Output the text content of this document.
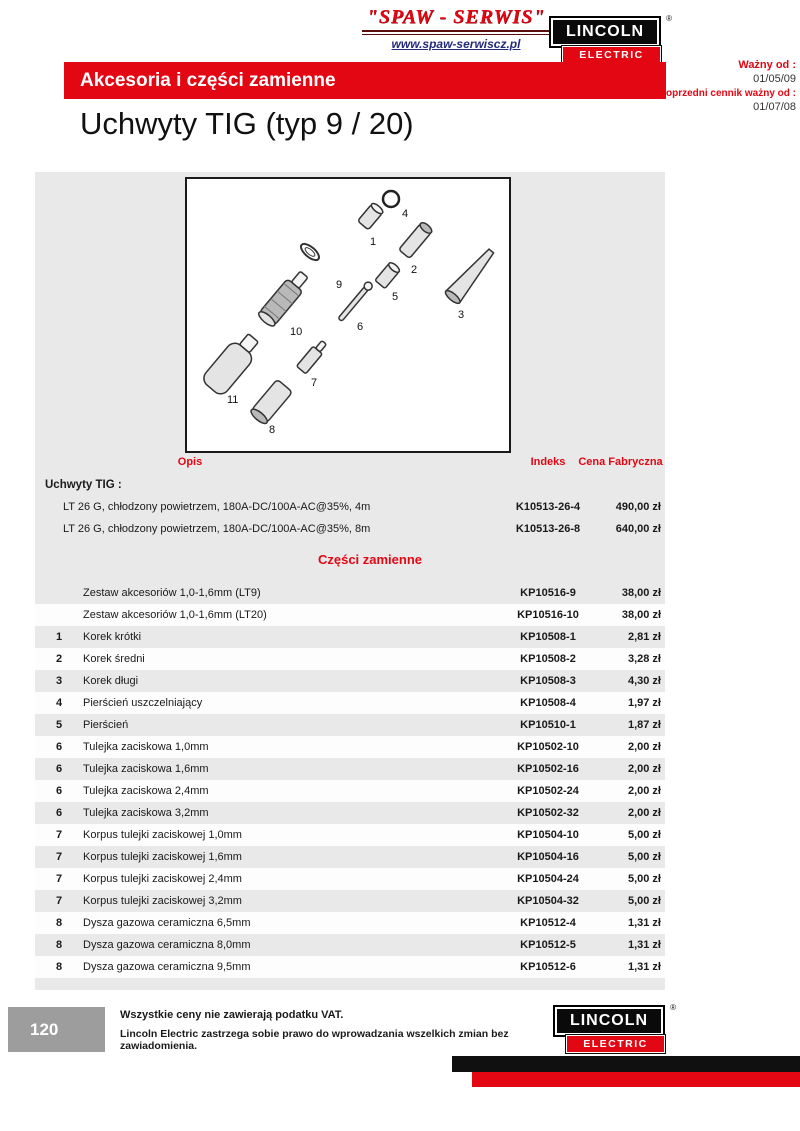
"SPAW - SERWIS"
www.spaw-serwiscz.pl
LINCOLN
®
ELECTRIC
Akcesoria i części zamienne
Ważny od :
01/05/09
Poprzedni cennik ważny od :
01/07/08
Uchwyty TIG (typ 9 / 20)
1
2
3
4
5
6
7
8
9
10
11
Opis	Indeks	Cena Fabryczna
Uchwyty TIG :
LT 26 G, chłodzony powietrzem, 180A-DC/100A-AC@35%, 4m	K10513-26-4	490,00 zł
LT 26 G, chłodzony powietrzem, 180A-DC/100A-AC@35%, 8m	K10513-26-8	640,00 zł
Części zamienne
Zestaw akcesoriów 1,0-1,6mm (LT9)	KP10516-9	38,00 zł
Zestaw akcesoriów 1,0-1,6mm (LT20)	KP10516-10	38,00 zł
1	Korek krótki	KP10508-1	2,81 zł
2	Korek średni	KP10508-2	3,28 zł
3	Korek długi	KP10508-3	4,30 zł
4	Pierścień uszczelniający	KP10508-4	1,97 zł
5	Pierścień	KP10510-1	1,87 zł
6	Tulejka zaciskowa 1,0mm	KP10502-10	2,00 zł
6	Tulejka zaciskowa 1,6mm	KP10502-16	2,00 zł
6	Tulejka zaciskowa 2,4mm	KP10502-24	2,00 zł
6	Tulejka zaciskowa 3,2mm	KP10502-32	2,00 zł
7	Korpus tulejki zaciskowej 1,0mm	KP10504-10	5,00 zł
7	Korpus tulejki zaciskowej 1,6mm	KP10504-16	5,00 zł
7	Korpus tulejki zaciskowej 2,4mm	KP10504-24	5,00 zł
7	Korpus tulejki zaciskowej 3,2mm	KP10504-32	5,00 zł
8	Dysza gazowa ceramiczna 6,5mm	KP10512-4	1,31 zł
8	Dysza gazowa ceramiczna 8,0mm	KP10512-5	1,31 zł
8	Dysza gazowa ceramiczna 9,5mm	KP10512-6	1,31 zł
120
Wszystkie ceny nie zawierają podatku VAT.
Lincoln Electric zastrzega sobie prawo do wprowadzania wszelkich zmian bez zawiadomienia.
LINCOLN
®
ELECTRIC
